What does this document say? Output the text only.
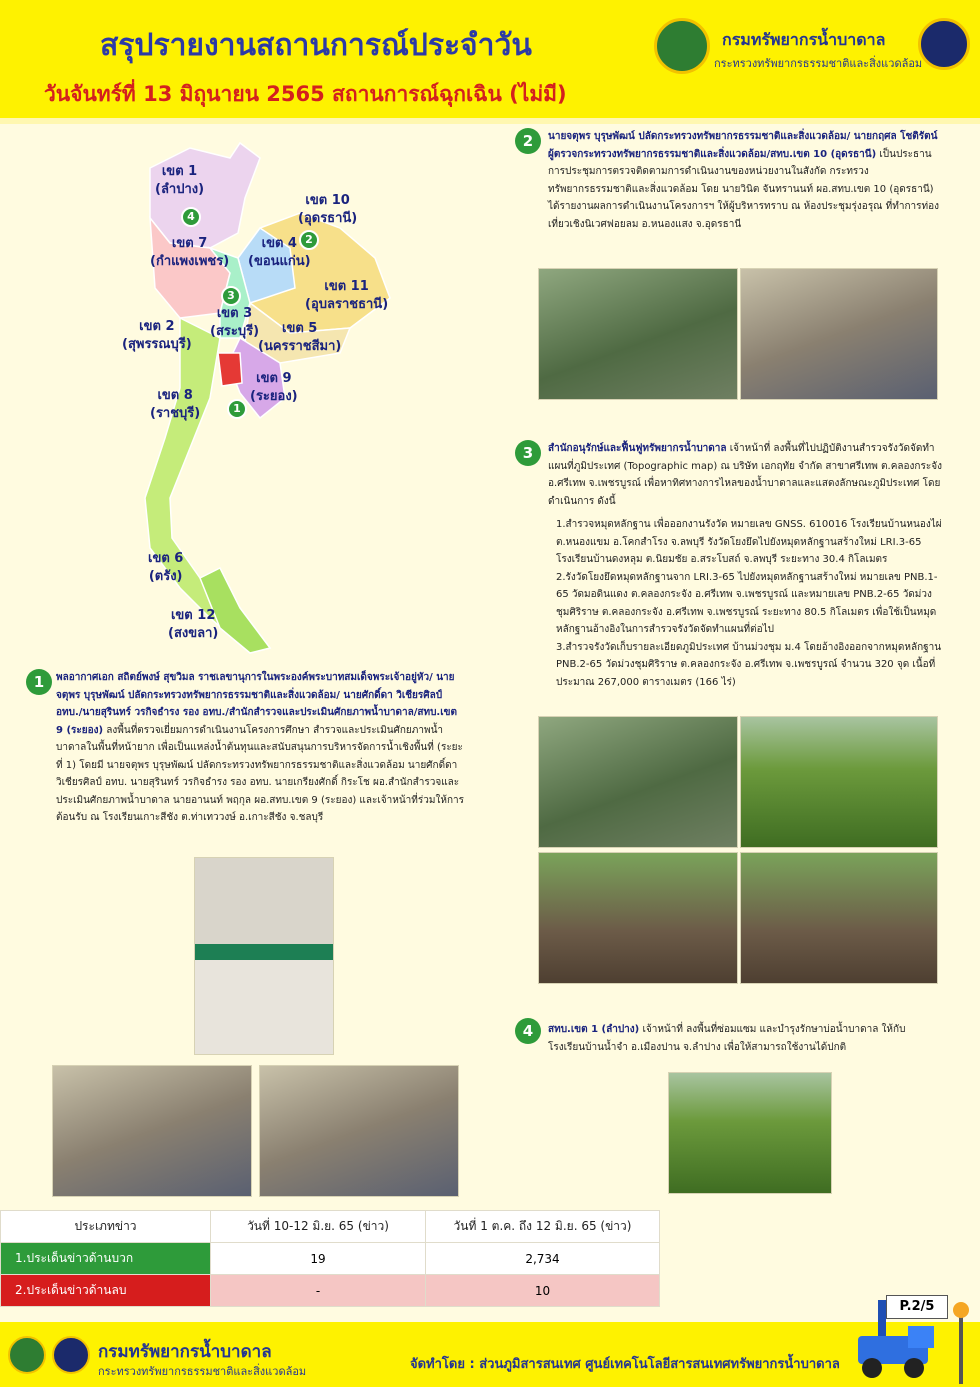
สรุปรายงานสถานการณ์ประจำวัน
วันจันทร์ที่ 13 มิถุนายน 2565 สถานการณ์ฉุกเฉิน (ไม่มี)
กรมทรัพยากรน้ำบาดาล
กระทรวงทรัพยากรธรรมชาติและสิ่งแวดล้อม
เขต 1
(ลำปาง)
เขต 10
(อุดรธานี)
เขต 7
(กำแพงเพชร)
เขต 4
(ขอนแก่น)
เขต 11
(อุบลราชธานี)
เขต 2
(สุพรรณบุรี)
เขต 3
(สระบุรี)	เขต 5
(นครราชสีมา)
เขต 9
(ระยอง)
เขต 8
(ราชบุรี)
เขต 6
(ตรัง)
เขต 12
(สงขลา)
4
2
3
1
2	นายจตุพร บุรุษพัฒน์ ปลัดกระทรวงทรัพยากรธรรมชาติและสิ่งแวดล้อม/ นายกฤศล โชติรัตน์ ผู้ตรวจกระทรวงทรัพยากรธรรมชาติและสิ่งแวดล้อม/สทบ.เขต 10 (อุดรธานี) เป็นประธานการประชุมการตรวจติดตามการดำเนินงานของหน่วยงานในสังกัด กระทรวงทรัพยากรธรรมชาติและสิ่งแวดล้อม โดย นายวินิต จันทรานนท์ ผอ.สทบ.เขต 10 (อุดรธานี) ได้รายงานผลการดำเนินงานโครงการฯ ให้ผู้บริหารทราบ ณ ห้องประชุมรุ่งอรุณ ที่ทำการท่องเที่ยวเชิงนิเวศฟอยลม อ.หนองแสง จ.อุดรธานี
3	สำนักอนุรักษ์และฟื้นฟูทรัพยากรน้ำบาดาล เจ้าหน้าที่ ลงพื้นที่ไปปฏิบัติงานสำรวจรังวัดจัดทำแผนที่ภูมิประเทศ (Topographic map) ณ บริษัท เอกฤทัย จำกัด สาขาศรีเทพ ต.คลองกระจัง อ.ศรีเทพ จ.เพชรบูรณ์ เพื่อหาทิศทางการไหลของน้ำบาดาลและแสดงลักษณะภูมิประเทศ โดยดำเนินการ ดังนี้
1.สำรวจหมุดหลักฐาน เพื่อออกงานรังวัด หมายเลข GNSS. 610016 โรงเรียนบ้านหนองไผ่ ต.หนองแขม อ.โคกสำโรง จ.ลพบุรี รังวัดโยงยึดไปยังหมุดหลักฐานสร้างใหม่ LRI.3-65 โรงเรียนบ้านดงหลุม ต.นิยมชัย อ.สระโบสถ์ จ.ลพบุรี ระยะทาง 30.4 กิโลเมตร
2.รังวัดโยงยึดหมุดหลักฐานจาก LRI.3-65 ไปยังหมุดหลักฐานสร้างใหม่ หมายเลข PNB.1-65 วัดมอดินแดง ต.คลองกระจัง อ.ศรีเทพ จ.เพชรบูรณ์ และหมายเลข PNB.2-65 วัดม่วงชุมศิริราษ ต.คลองกระจัง อ.ศรีเทพ จ.เพชรบูรณ์ ระยะทาง 80.5 กิโลเมตร เพื่อใช้เป็นหมุดหลักฐานอ้างอิงในการสำรวจรังวัดจัดทำแผนที่ต่อไป
3.สำรวจรังวัดเก็บรายละเอียดภูมิประเทศ บ้านม่วงชุม ม.4 โดยอ้างอิงออกจากหมุดหลักฐาน PNB.2-65 วัดม่วงชุมศิริราษ ต.คลองกระจัง อ.ศรีเทพ จ.เพชรบูรณ์ จำนวน 320 จุด เนื้อที่ประมาณ 267,000 ตารางเมตร (166 ไร่)
4	สทบ.เขต 1 (ลำปาง) เจ้าหน้าที่ ลงพื้นที่ซ่อมแซม และบำรุงรักษาบ่อน้ำบาดาล ให้กับ โรงเรียนบ้านน้ำจำ อ.เมืองปาน จ.ลำปาง เพื่อให้สามารถใช้งานได้ปกติ
1	พลอากาศเอก สถิตย์พงษ์ สุขวิมล ราชเลขานุการในพระองค์พระบาทสมเด็จพระเจ้าอยู่หัว/ นายจตุพร บุรุษพัฒน์ ปลัดกระทรวงทรัพยากรธรรมชาติและสิ่งแวดล้อม/ นายศักดิ์ดา วิเชียรศิลป์ อทบ./นายสุรินทร์ วรกิจธำรง รอง อทบ./สำนักสำรวจและประเมินศักยภาพน้ำบาดาล/สทบ.เขต 9 (ระยอง) ลงพื้นที่ตรวจเยี่ยมการดำเนินงานโครงการศึกษา สำรวจและประเมินศักยภาพน้ำบาดาลในพื้นที่หน้ายาก เพื่อเป็นแหล่งน้ำต้นทุนและสนับสนุนการบริหารจัดการน้ำเชิงพื้นที่ (ระยะที่ 1) โดยมี นายจตุพร บุรุษพัฒน์ ปลัดกระทรวงทรัพยากรธรรมชาติและสิ่งแวดล้อม นายศักดิ์ดา วิเชียรศิลป์ อทบ. นายสุรินทร์ วรกิจธำรง รอง อทบ. นายเกรียงศักดิ์ กิระโช ผอ.สำนักสำรวจและประเมินศักยภาพน้ำบาดาล นายอานนท์ พฤกุล ผอ.สทบ.เขต 9 (ระยอง) และเจ้าหน้าที่ร่วมให้การต้อนรับ ณ โรงเรียนเกาะสีชัง ต.ท่าเทววงษ์ อ.เกาะสีชัง จ.ชลบุรี
ประเภทข่าว	วันที่ 10-12 มิ.ย. 65 (ข่าว)	วันที่ 1 ต.ค. ถึง 12 มิ.ย. 65 (ข่าว)
1.ประเด็นข่าวด้านบวก	19	2,734
2.ประเด็นข่าวด้านลบ	-	10
P.2/5
กรมทรัพยากรน้ำบาดาล
กระทรวงทรัพยากรธรรมชาติและสิ่งแวดล้อม	จัดทำโดย : ส่วนภูมิสารสนเทศ ศูนย์เทคโนโลยีสารสนเทศทรัพยากรน้ำบาดาล
